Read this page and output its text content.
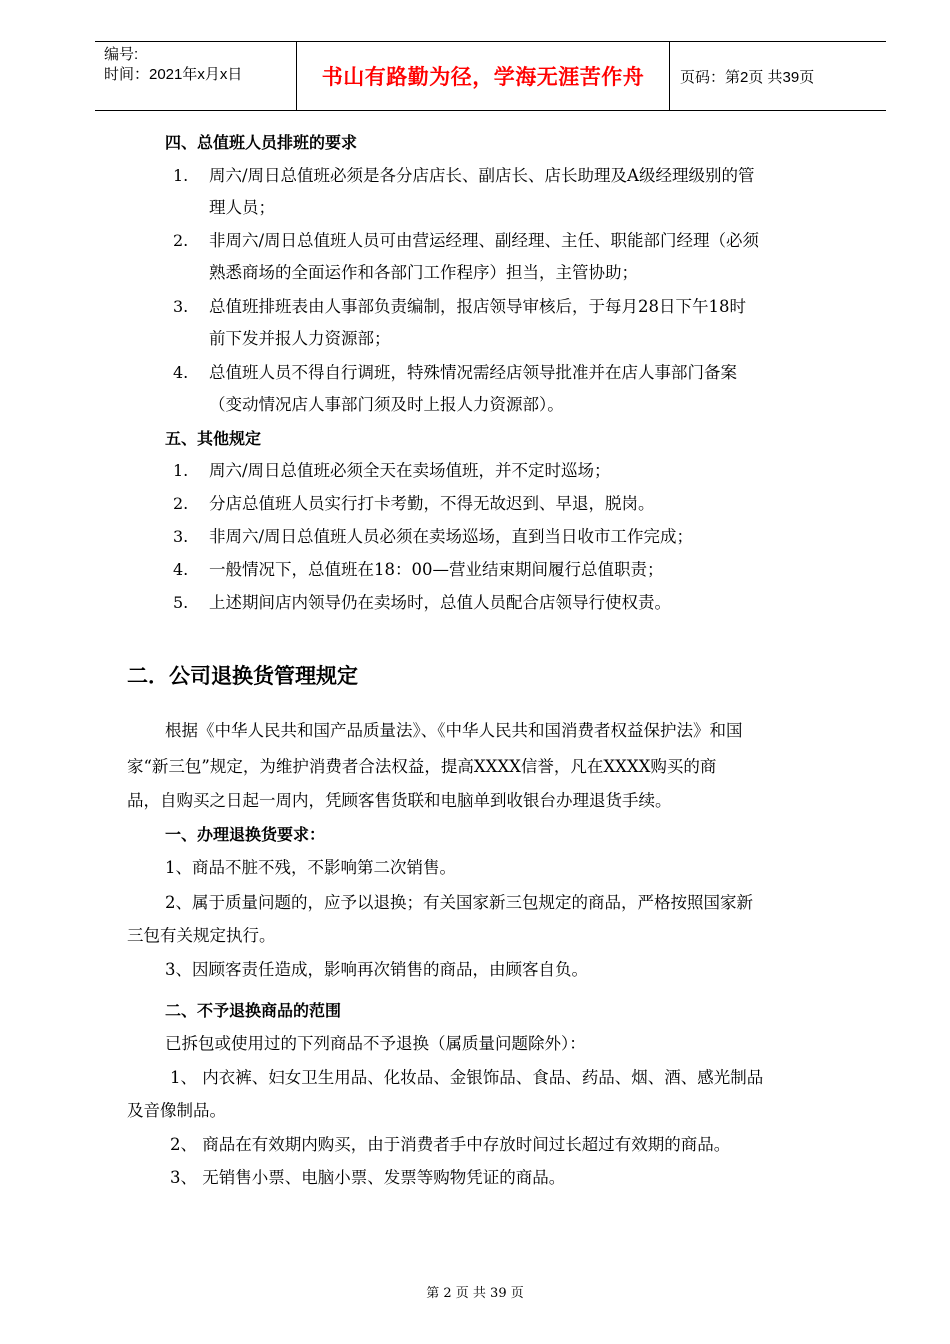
编号:
时间：2021年x月x日	书山有路勤为径，学海无涯苦作舟	页码：第2页 共39页
四、总值班人员排班的要求
1. 周六/周日总值班必须是各分店店长、副店长、店长助理及A级经理级别的管
理人员；
2. 非周六/周日总值班人员可由营运经理、副经理、主任、职能部门经理（必须
熟悉商场的全面运作和各部门工作程序）担当，主管协助；
3. 总值班排班表由人事部负责编制，报店领导审核后，于每月28日下午18时
前下发并报人力资源部；
4. 总值班人员不得自行调班，特殊情况需经店领导批准并在店人事部门备案
（变动情况店人事部门须及时上报人力资源部）。
五、其他规定
1. 周六/周日总值班必须全天在卖场值班，并不定时巡场；
2. 分店总值班人员实行打卡考勤，不得无故迟到、早退，脱岗。
3. 非周六/周日总值班人员必须在卖场巡场，直到当日收市工作完成；
4. 一般情况下，总值班在18：00—营业结束期间履行总值职责；
5. 上述期间店内领导仍在卖场时，总值人员配合店领导行使权责。
二．公司退换货管理规定
根据《中华人民共和国产品质量法》、《中华人民共和国消费者权益保护法》和国
家“新三包”规定，为维护消费者合法权益，提高XXXX信誉，凡在XXXX购买的商
品，自购买之日起一周内，凭顾客售货联和电脑单到收银台办理退货手续。
一、办理退换货要求：
1、商品不脏不残，不影响第二次销售。
2、属于质量问题的，应予以退换；有关国家新三包规定的商品，严格按照国家新
三包有关规定执行。
3、因顾客责任造成，影响再次销售的商品，由顾客自负。
二、不予退换商品的范围
已拆包或使用过的下列商品不予退换（属质量问题除外）：
1、 内衣裤、妇女卫生用品、化妆品、金银饰品、食品、药品、烟、酒、感光制品
及音像制品。
2、 商品在有效期内购买，由于消费者手中存放时间过长超过有效期的商品。
3、 无销售小票、电脑小票、发票等购物凭证的商品。
第 2 页 共 39 页
